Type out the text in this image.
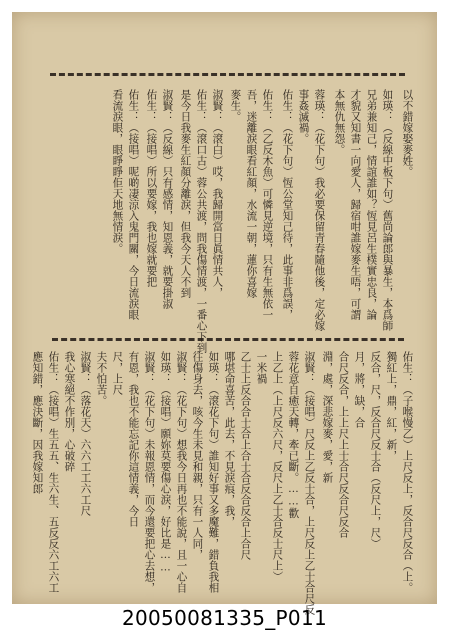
以不錯嫁娶麥姓。
如瑛：（反線中板下句）舊尚論郎與暴生，本爲師
兄弟兼知己，情誼誰如？恆見呂生樸實忠良，論
才貌又知書一向愛人，歸宿咁誰嫁麥生唔，可謂
本無仇無怨。
蓉瑛：（花下句）我必要保留青春隨他後，定必嫁
事姦滅禍。
佑生：（花下句）恆公堂知己待，此事非爲誤，
佑生：（乙反木魚）可憐見逆境，只有生無依一
吾，迷離淚眼看紅顏，水流一朝，蓮你喜嫁
麥生。
淑賢：（滾白）哎，我歸開當日眞情共人，
佑生：（滾口古）蓉公共渡，問我傷情渡，一番心下到
是今日我麥生紅顏分離淚，但我今天人不到
淑賢：（反線）只有感情，知恩義，就要掛淑
佑生：（接唱）所以要嫁，我也嫁就要把
佑生：（接唱）呢啲凄涼入鬼門關，今日流淚眼
看流淚眼，眼睜睜佢天地無情淚。
佑生：（子喉慢乙）上尺反上，反合尺反合（上。
獨紅上，鼎，紅，新，
反合，尺，反合尺反士合（反尺上，尺）
月，將，缺，合
合尺反合，上上尺上士合尺反合尺反合
淵，處，深悲嫁麥，愛，新
淑賢：（接唱）尺反上乙反士合，上尺反上乙士合尺反
蓉花意自癒天轉，牽已斷。……歡
上乙上（上尺反六尺，反尺上乙士合反士尺上）
一米禍
乙士上反合合士合上合士合反合反合上合尺
哪堪命喜苦，此去，不見淚痕，我，
如瑛：（滾花下句）誰知好事又多魔難，錯負我相
往傷身去，咳今生未見和親，只有一人同，
淑賢：（花下句）想我今日再也不能說，且一心自
如瑛：（接唱）願妳莫要傷心淚，好比是……
淑賢：（花下句）未報恩情，而今還要把心去想，
有恩，我也不能忘記你這情義，今日
尺，上尺
夫不怕苦。
淑賢：（落花天）六六工工六工尺
我心寒絕不作別，心破碎
佑生：（接唱）生五五、生六生、五反反六工六工
應知錯，應決斷，因我嫁知郎
20050081335_P011
